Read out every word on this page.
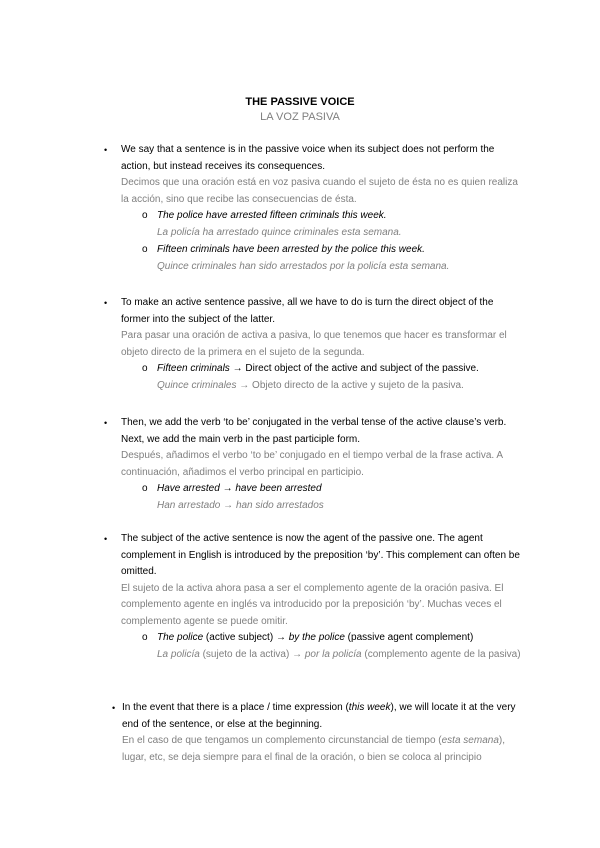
THE PASSIVE VOICE
LA VOZ PASIVA
• We say that a sentence is in the passive voice when its subject does not perform the action, but instead receives its consequences.
Decimos que una oración está en voz pasiva cuando el sujeto de ésta no es quien realiza la acción, sino que recibe las consecuencias de ésta.
o The police have arrested fifteen criminals this week.
La policía ha arrestado quince criminales esta semana.
o Fifteen criminals have been arrested by the police this week.
Quince criminales han sido arrestados por la policía esta semana.
• To make an active sentence passive, all we have to do is turn the direct object of the former into the subject of the latter.
Para pasar una oración de activa a pasiva, lo que tenemos que hacer es transformar el objeto directo de la primera en el sujeto de la segunda.
o Fifteen criminals → Direct object of the active and subject of the passive.
Quince criminales → Objeto directo de la active y sujeto de la pasiva.
• Then, we add the verb ‘to be’ conjugated in the verbal tense of the active clause’s verb. Next, we add the main verb in the past participle form.
Después, añadimos el verbo ‘to be’ conjugado en el tiempo verbal de la frase activa. A continuación, añadimos el verbo principal en participio.
o Have arrested → have been arrested
Han arrestado → han sido arrestados
• The subject of the active sentence is now the agent of the passive one. The agent complement in English is introduced by the preposition ‘by’. This complement can often be omitted.
El sujeto de la activa ahora pasa a ser el complemento agente de la oración pasiva. El complemento agente en inglés va introducido por la preposición ‘by’. Muchas veces el complemento agente se puede omitir.
o The police (active subject) → by the police (passive agent complement)
La policía (sujeto de la activa) → por la policía (complemento agente de la pasiva)
• In the event that there is a place / time expression (this week), we will locate it at the very end of the sentence, or else at the beginning.
En el caso de que tengamos un complemento circunstancial de tiempo (esta semana), lugar, etc, se deja siempre para el final de la oración, o bien se coloca al principio
